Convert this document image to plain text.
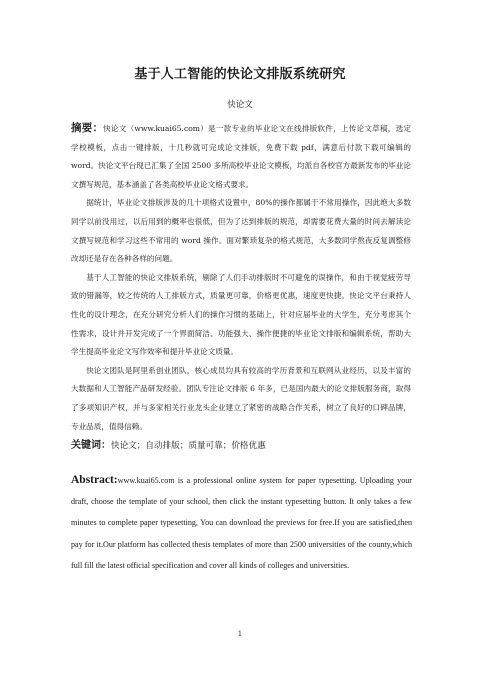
基于人工智能的快论文排版系统研究
快论文

摘要：快论文（www.kuai65.com）是一款专业的毕业论文在线排版软件，上传论文草稿，选定学校模板，点击一键排版，十几秒就可完成论文排版，免费下载 pdf，满意后付款下载可编辑的 word。快论文平台现已汇集了全国 2500 多所高校毕业论文模板，均派自各校官方最新发布的毕业论文撰写规范，基本涵盖了各类高校毕业论文格式要求。

据统计，毕业论文排版涉及的几十项格式设置中，80%的操作都属于不常用操作，因此绝大多数同学以前没用过，以后用到的概率也很低，但为了达到排版的规范，却需要花费大量的时间去解读论文撰写规范和学习这些不常用的 word 操作。面对繁琐复杂的格式规范，大多数同学熬夜反复调整修改却还是存在各种各样的问题。

基于人工智能的快论文排版系统，剔除了人们手动排版时不可避免的误操作，和由于视觉疲劳导致的错漏等，较之传统的人工排版方式，质量更可靠，价格更优惠，速度更快捷。快论文平台秉持人性化的设计理念，在充分研究分析人们的操作习惯的基础上，针对应届毕业的大学生，充分考虑其个性需求，设计并开发完成了一个界面简洁、功能强大、操作便捷的毕业论文排版和编辑系统，帮助大学生提高毕业论文写作效率和提升毕业论文质量。

快论文团队是阿里系创业团队，核心成员均具有较高的学历背景和互联网从业经历，以及丰富的大数据和人工智能产品研发经验。团队专注论文排版 6 年多，已是国内最大的论文排版服务商，取得了多项知识产权，并与多家相关行业龙头企业建立了紧密的战略合作关系，树立了良好的口碑品牌，专业品质，值得信赖。

关键词：快论文；自动排版；质量可靠；价格优惠

Abstract:www.kuai65.com is a professional online system for paper typesetting. Uploading your draft, choose the template of your school, then click the instant typesetting button. It only takes a few minutes to complete paper typesetting, You can download the previews for free.If you are satisfied,then pay for it.Our platform has collected thesis templates of more than 2500 universities of the county,which full fill the latest official specification and cover all kinds of colleges and universities.

1
